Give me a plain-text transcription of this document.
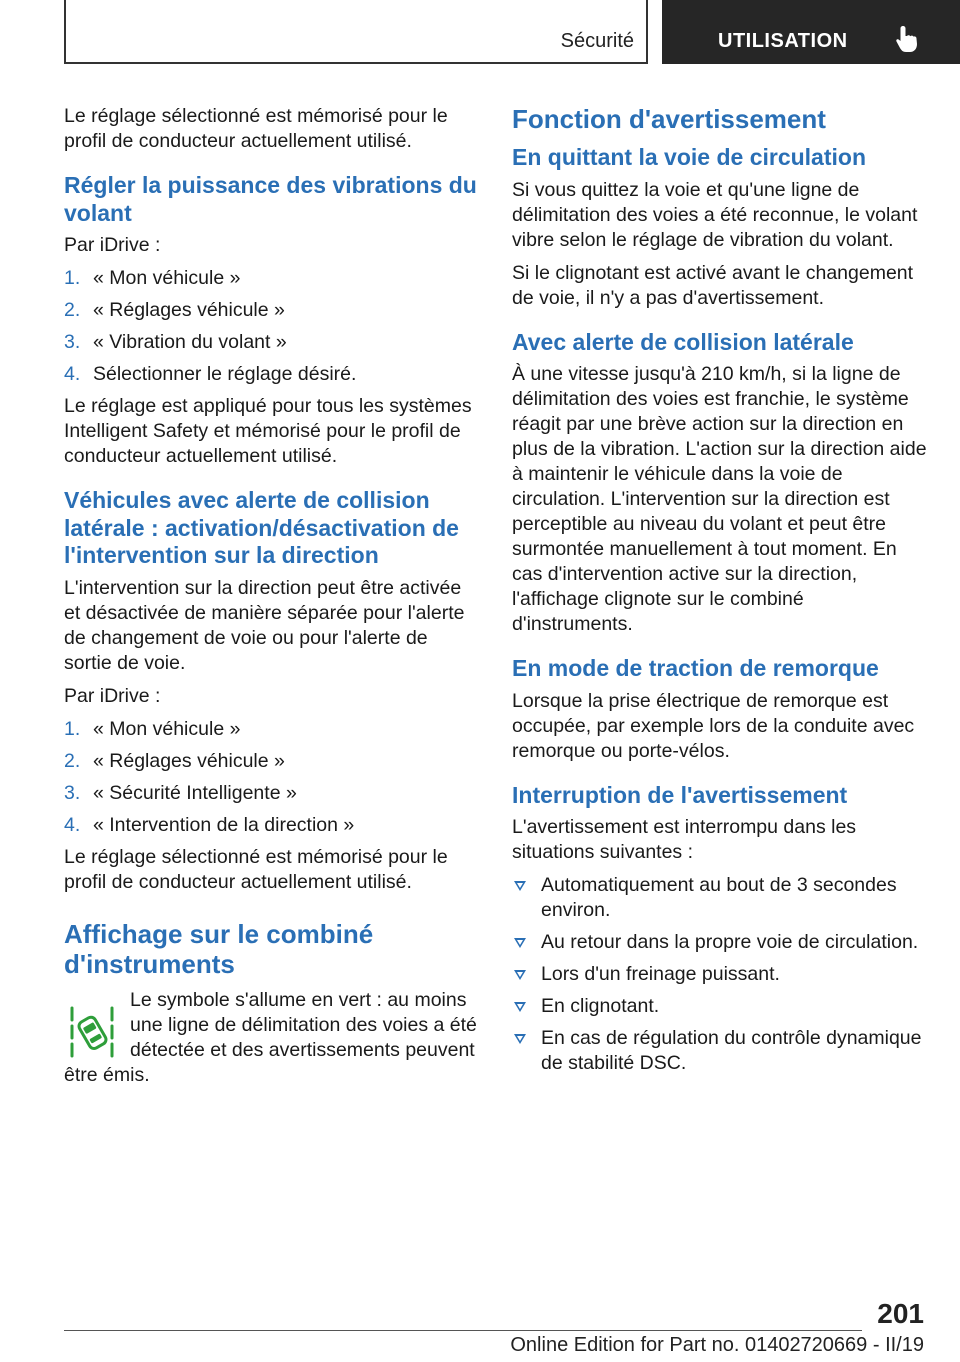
Sécurité	UTILISATION

Le réglage sélectionné est mémorisé pour le profil de conducteur actuellement utilisé.

Régler la puissance des vibrations du volant

Par iDrive :

1. « Mon véhicule »
2. « Réglages véhicule »
3. « Vibration du volant »
4. Sélectionner le réglage désiré.

Le réglage est appliqué pour tous les systèmes Intelligent Safety et mémorisé pour le profil de conducteur actuellement utilisé.

Véhicules avec alerte de collision latérale : activation/désactivation de l'intervention sur la direction

L'intervention sur la direction peut être activée et désactivée de manière séparée pour l'alerte de changement de voie ou pour l'alerte de sortie de voie.

Par iDrive :

1. « Mon véhicule »
2. « Réglages véhicule »
3. « Sécurité Intelligente »
4. « Intervention de la direction »

Le réglage sélectionné est mémorisé pour le profil de conducteur actuellement utilisé.

Affichage sur le combiné d'instruments

Le symbole s'allume en vert : au moins

une ligne de délimitation des voies a été

détectée et des avertissements peuvent

être émis.

Fonction d'avertissement
En quittant la voie de circulation

Si vous quittez la voie et qu'une ligne de délimitation des voies a été reconnue, le volant vibre selon le réglage de vibration du volant.

Si le clignotant est activé avant le changement de voie, il n'y a pas d'avertissement.

Avec alerte de collision latérale

À une vitesse jusqu'à 210 km/h, si la ligne de délimitation des voies est franchie, le système réagit par une brève action sur la direction en plus de la vibration. L'action sur la direction aide à maintenir le véhicule dans la voie de circulation. L'intervention sur la direction est perceptible au niveau du volant et peut être surmontée manuellement à tout moment. En cas d'intervention active sur la direction, l'affichage clignote sur le combiné d'instruments.

En mode de traction de remorque

Lorsque la prise électrique de remorque est occupée, par exemple lors de la conduite avec remorque ou porte-vélos.

Interruption de l'avertissement

L'avertissement est interrompu dans les situations suivantes :

Automatiquement au bout de 3 secondes environ.
Au retour dans la propre voie de circulation.
Lors d'un freinage puissant.
En clignotant.
En cas de régulation du contrôle dynamique de stabilité DSC.
201
Online Edition for Part no. 01402720669 - II/19
